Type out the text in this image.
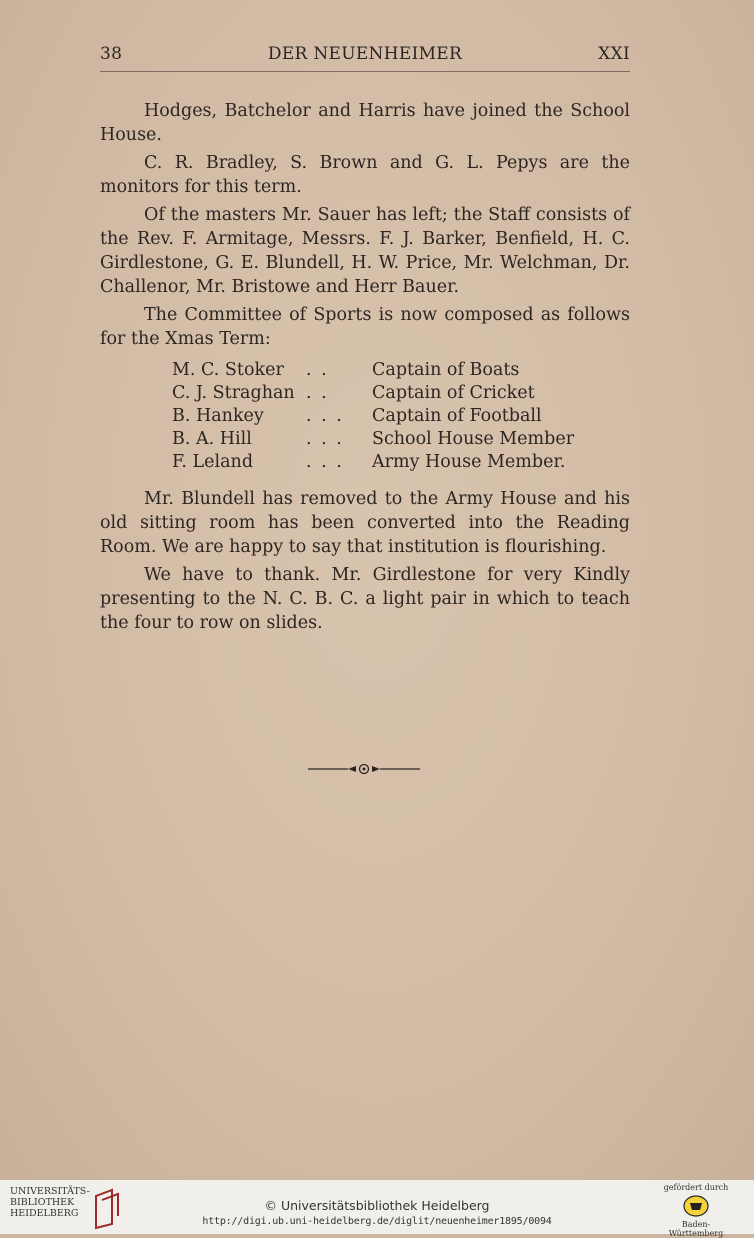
38	DER NEUENHEIMER	XXI

Hodges, Batchelor and Harris have joined the School House.

C. R. Bradley, S. Brown and G. L. Pepys are the monitors for this term.

Of the masters Mr. Sauer has left; the Staff consists of the Rev. F. Armitage, Messrs. F. J. Barker, Benfield, H. C. Girdlestone, G. E. Blundell, H. W. Price, Mr. Welchman, Dr. Challenor, Mr. Bristowe and Herr Bauer.

The Committee of Sports is now composed as follows for the Xmas Term:

M. C. Stoker	. .	Captain of Boats
C. J. Straghan . .	Captain of Cricket
B. Hankey	. . .	Captain of Football
B. A. Hill	. . .	School House Member
F. Leland	. . .	Army House Member.

Mr. Blundell has removed to the Army House and his old sitting room has been converted into the Reading Room. We are happy to say that institution is flourishing.

We have to thank. Mr. Girdlestone for very Kindly presenting to the N. C. B. C. a light pair in which to teach the four to row on slides.

UNIVERSITÄTS-
BIBLIOTHEK
HEIDELBERG
© Universitätsbibliothek Heidelberg
http://digi.ub.uni-heidelberg.de/diglit/neuenheimer1895/0094
gefördert durch
Baden-Württemberg
